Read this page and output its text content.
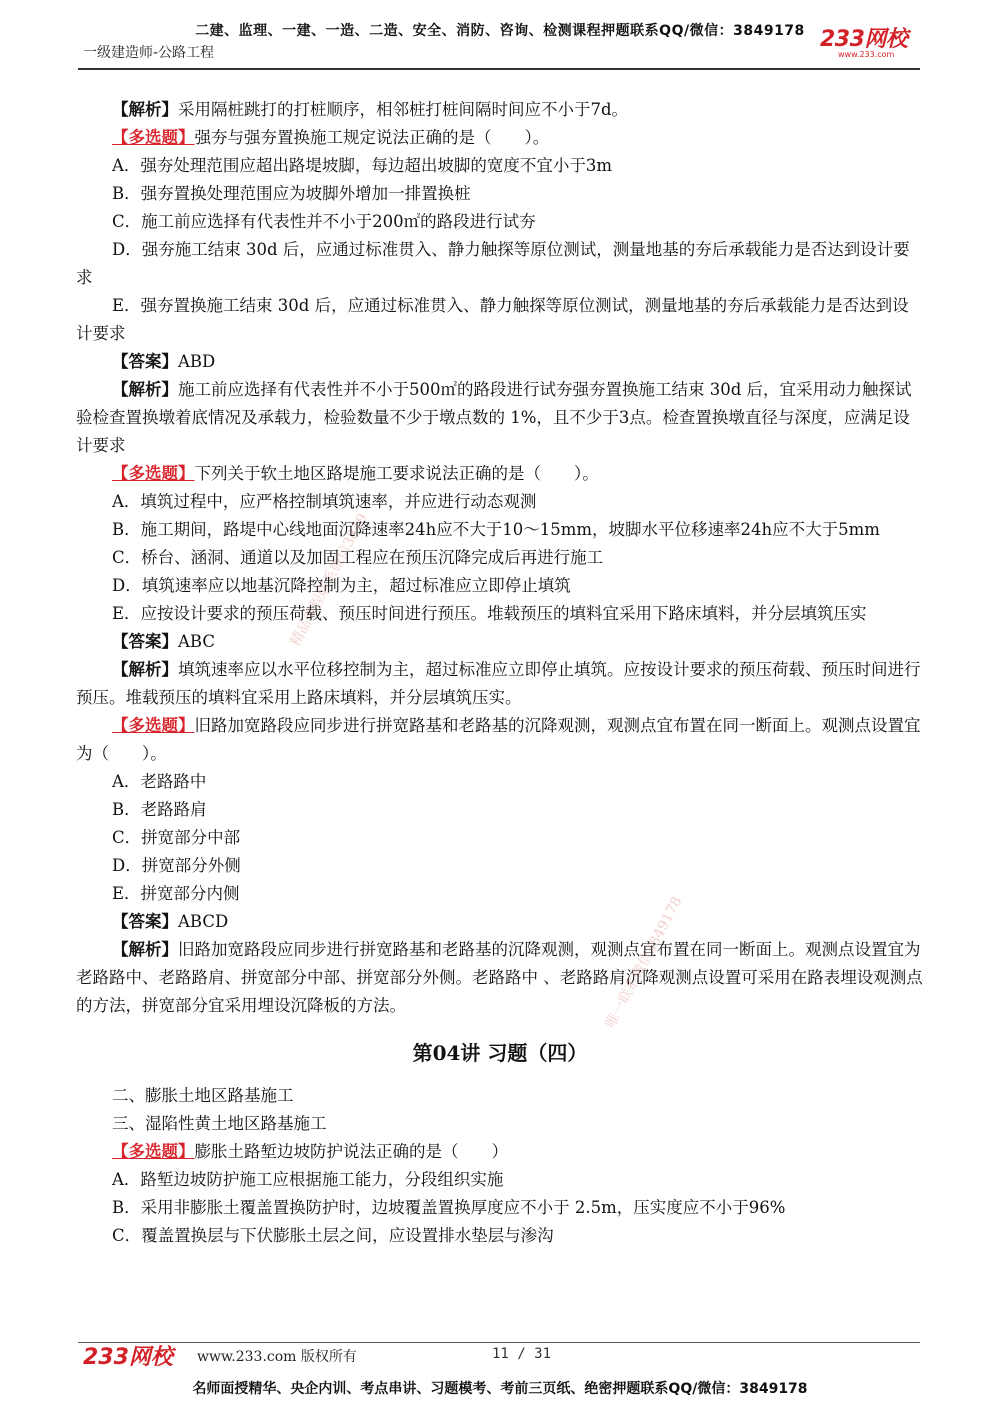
二建、监理、一建、一造、二造、安全、消防、咨询、检测课程押题联系QQ/微信：3849178
一级建造师-公路工程
233网校
www.233.com
精品课程联系微信3849
唯一联系微信3849178

【解析】采用隔桩跳打的打桩顺序，相邻桩打桩间隔时间应不小于7d。

【多选题】强夯与强夯置换施工规定说法正确的是（　　）。

A．强夯处理范围应超出路堤坡脚，每边超出坡脚的宽度不宜小于3m

B．强夯置换处理范围应为坡脚外增加一排置换桩

C．施工前应选择有代表性并不小于200㎡的路段进行试夯

D．强夯施工结束 30d 后，应通过标准贯入、静力触探等原位测试，测量地基的夯后承载能力是否达到设计要求

E．强夯置换施工结束 30d 后，应通过标准贯入、静力触探等原位测试，测量地基的夯后承载能力是否达到设计要求

【答案】ABD

【解析】施工前应选择有代表性并不小于500㎡的路段进行试夯强夯置换施工结束 30d 后，宜采用动力触探试验检查置换墩着底情况及承载力，检验数量不少于墩点数的 1%，且不少于3点。检查置换墩直径与深度，应满足设计要求

【多选题】下列关于软土地区路堤施工要求说法正确的是（　　）。

A．填筑过程中，应严格控制填筑速率，并应进行动态观测

B．施工期间，路堤中心线地面沉降速率24h应不大于10～15mm，坡脚水平位移速率24h应不大于5mm

C．桥台、涵洞、通道以及加固工程应在预压沉降完成后再进行施工

D．填筑速率应以地基沉降控制为主，超过标准应立即停止填筑

E．应按设计要求的预压荷载、预压时间进行预压。堆载预压的填料宜采用下路床填料，并分层填筑压实

【答案】ABC

【解析】填筑速率应以水平位移控制为主，超过标准应立即停止填筑。应按设计要求的预压荷载、预压时间进行预压。堆载预压的填料宜采用上路床填料，并分层填筑压实。

【多选题】旧路加宽路段应同步进行拼宽路基和老路基的沉降观测，观测点宜布置在同一断面上。观测点设置宜为（　　）。

A．老路路中

B．老路路肩

C．拼宽部分中部

D．拼宽部分外侧

E．拼宽部分内侧

【答案】ABCD

【解析】旧路加宽路段应同步进行拼宽路基和老路基的沉降观测，观测点宜布置在同一断面上。观测点设置宜为老路路中、老路路肩、拼宽部分中部、拼宽部分外侧。老路路中 、老路路肩沉降观测点设置可采用在路表埋设观测点的方法，拼宽部分宜采用埋设沉降板的方法。

第04讲 习题（四）

二、膨胀土地区路基施工

三、湿陷性黄土地区路基施工

【多选题】膨胀土路堑边坡防护说法正确的是（　　）

A．路堑边坡防护施工应根据施工能力，分段组织实施

B．采用非膨胀土覆盖置换防护时，边坡覆盖置换厚度应不小于 2.5m，压实度应不小于96%

C．覆盖置换层与下伏膨胀土层之间，应设置排水垫层与渗沟

233网校 www.233.com 版权所有	11 / 31
名师面授精华、央企内训、考点串讲、习题模考、考前三页纸、绝密押题联系QQ/微信：3849178
